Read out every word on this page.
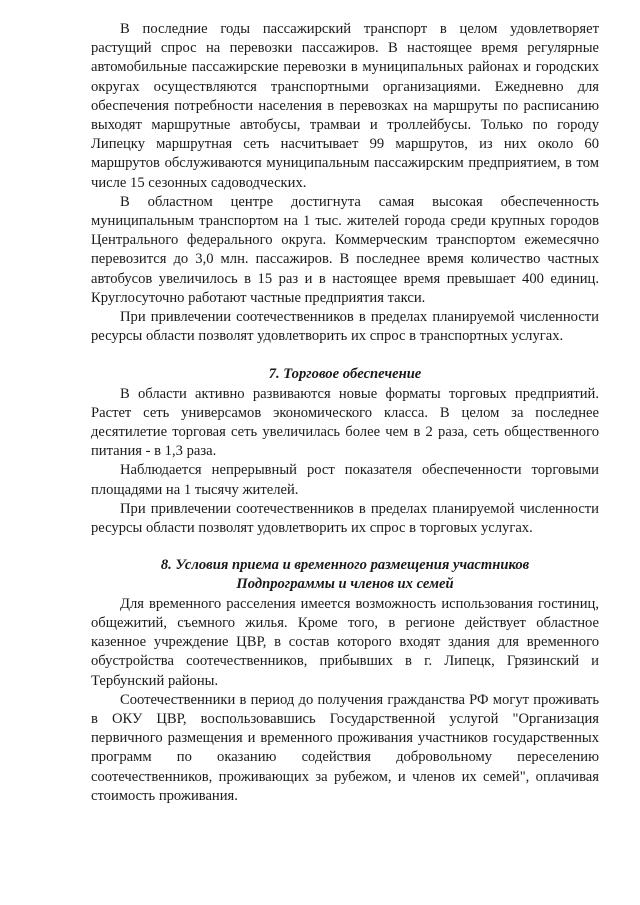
В последние годы пассажирский транспорт в целом удовлетворяет растущий спрос на перевозки пассажиров. В настоящее время регулярные автомобильные пассажирские перевозки в муниципальных районах и городских округах осуществляются транспортными организациями. Ежедневно для обеспечения потребности населения в перевозках на маршруты по расписанию выходят маршрутные автобусы, трамваи и троллейбусы. Только по городу Липецку маршрутная сеть насчитывает 99 маршрутов, из них около 60 маршрутов обслуживаются муниципальным пассажирским предприятием, в том числе 15 сезонных садоводческих.

В областном центре достигнута самая высокая обеспеченность муниципальным транспортом на 1 тыс. жителей города среди крупных городов Центрального федерального округа. Коммерческим транспортом ежемесячно перевозится до 3,0 млн. пассажиров. В последнее время количество частных автобусов увеличилось в 15 раз и в настоящее время превышает 400 единиц. Круглосуточно работают частные предприятия такси.

При привлечении соотечественников в пределах планируемой численности ресурсы области позволят удовлетворить их спрос в транспортных услугах.

7. Торговое обеспечение

В области активно развиваются новые форматы торговых предприятий. Растет сеть универсамов экономического класса. В целом за последнее десятилетие торговая сеть увеличилась более чем в 2 раза, сеть общественного питания - в 1,3 раза.

Наблюдается непрерывный рост показателя обеспеченности торговыми площадями на 1 тысячу жителей.

При привлечении соотечественников в пределах планируемой численности ресурсы области позволят удовлетворить их спрос в торговых услугах.

8. Условия приема и временного размещения участников
Подпрограммы и членов их семей

Для временного расселения имеется возможность использования гостиниц, общежитий, съемного жилья. Кроме того, в регионе действует областное казенное учреждение ЦВР, в состав которого входят здания для временного обустройства соотечественников, прибывших в г. Липецк, Грязинский и Тербунский районы.

Соотечественники в период до получения гражданства РФ могут проживать в ОКУ ЦВР, воспользовавшись Государственной услугой "Организация первичного размещения и временного проживания участников государственных программ по оказанию содействия добровольному переселению соотечественников, проживающих за рубежом, и членов их семей", оплачивая стоимость проживания.
